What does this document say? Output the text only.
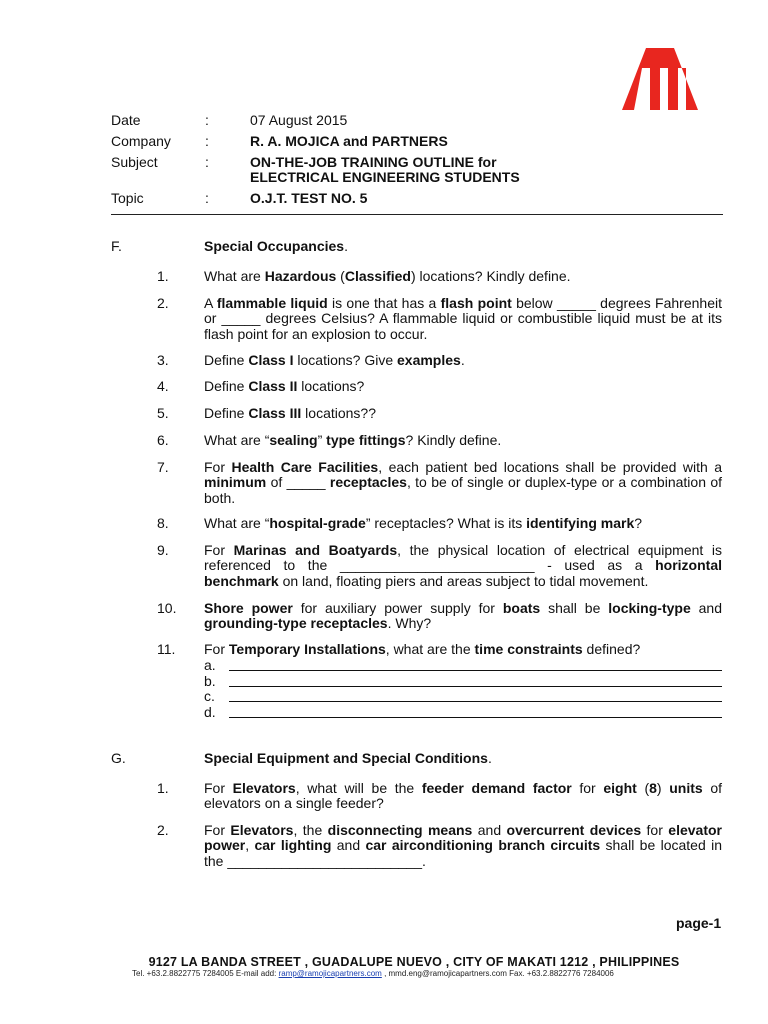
Date	:	07 August 2015
Company :	R. A. MOJICA and PARTNERS
Subject	:	ON-THE-JOB TRAINING OUTLINE for
ELECTRICAL ENGINEERING STUDENTS
Topic	:	O.J.T. TEST NO. 5
F.	Special Occupancies.
1.	What are Hazardous (Classified) locations? Kindly define.
2.	A flammable liquid is one that has a flash point below _____ degrees Fahrenheit or _____ degrees Celsius? A flammable liquid or combustible liquid must be at its flash point for an explosion to occur.
3.	Define Class I locations? Give examples.
4.	Define Class II locations?
5.	Define Class III locations??
6.	What are “sealing” type fittings? Kindly define.
7.	For Health Care Facilities, each patient bed locations shall be provided with a minimum of _____ receptacles, to be of single or duplex-type or a combination of both.
8.	What are “hospital-grade” receptacles? What is its identifying mark?
9.	For Marinas and Boatyards, the physical location of electrical equipment is referenced to the _________________________ - used as a horizontal benchmark on land, floating piers and areas subject to tidal movement.
10. Shore power for auxiliary power supply for boats shall be locking-type and grounding-type receptacles. Why?
11. For Temporary Installations, what are the time constraints defined?
a.
b.
c.
d.
G.	Special Equipment and Special Conditions.
1.	For Elevators, what will be the feeder demand factor for eight (8) units of elevators on a single feeder?
2.	For Elevators, the disconnecting means and overcurrent devices for elevator power, car lighting and car airconditioning branch circuits shall be located in the _________________________.
page-1
9127 LA BANDA STREET , GUADALUPE NUEVO , CITY OF MAKATI 1212 , PHILIPPINES
Tel. +63.2.8822775 7284005 E-mail add: ramp@ramojicapartners.com , mmd.eng@ramojicapartners.com Fax. +63.2.8822776 7284006
